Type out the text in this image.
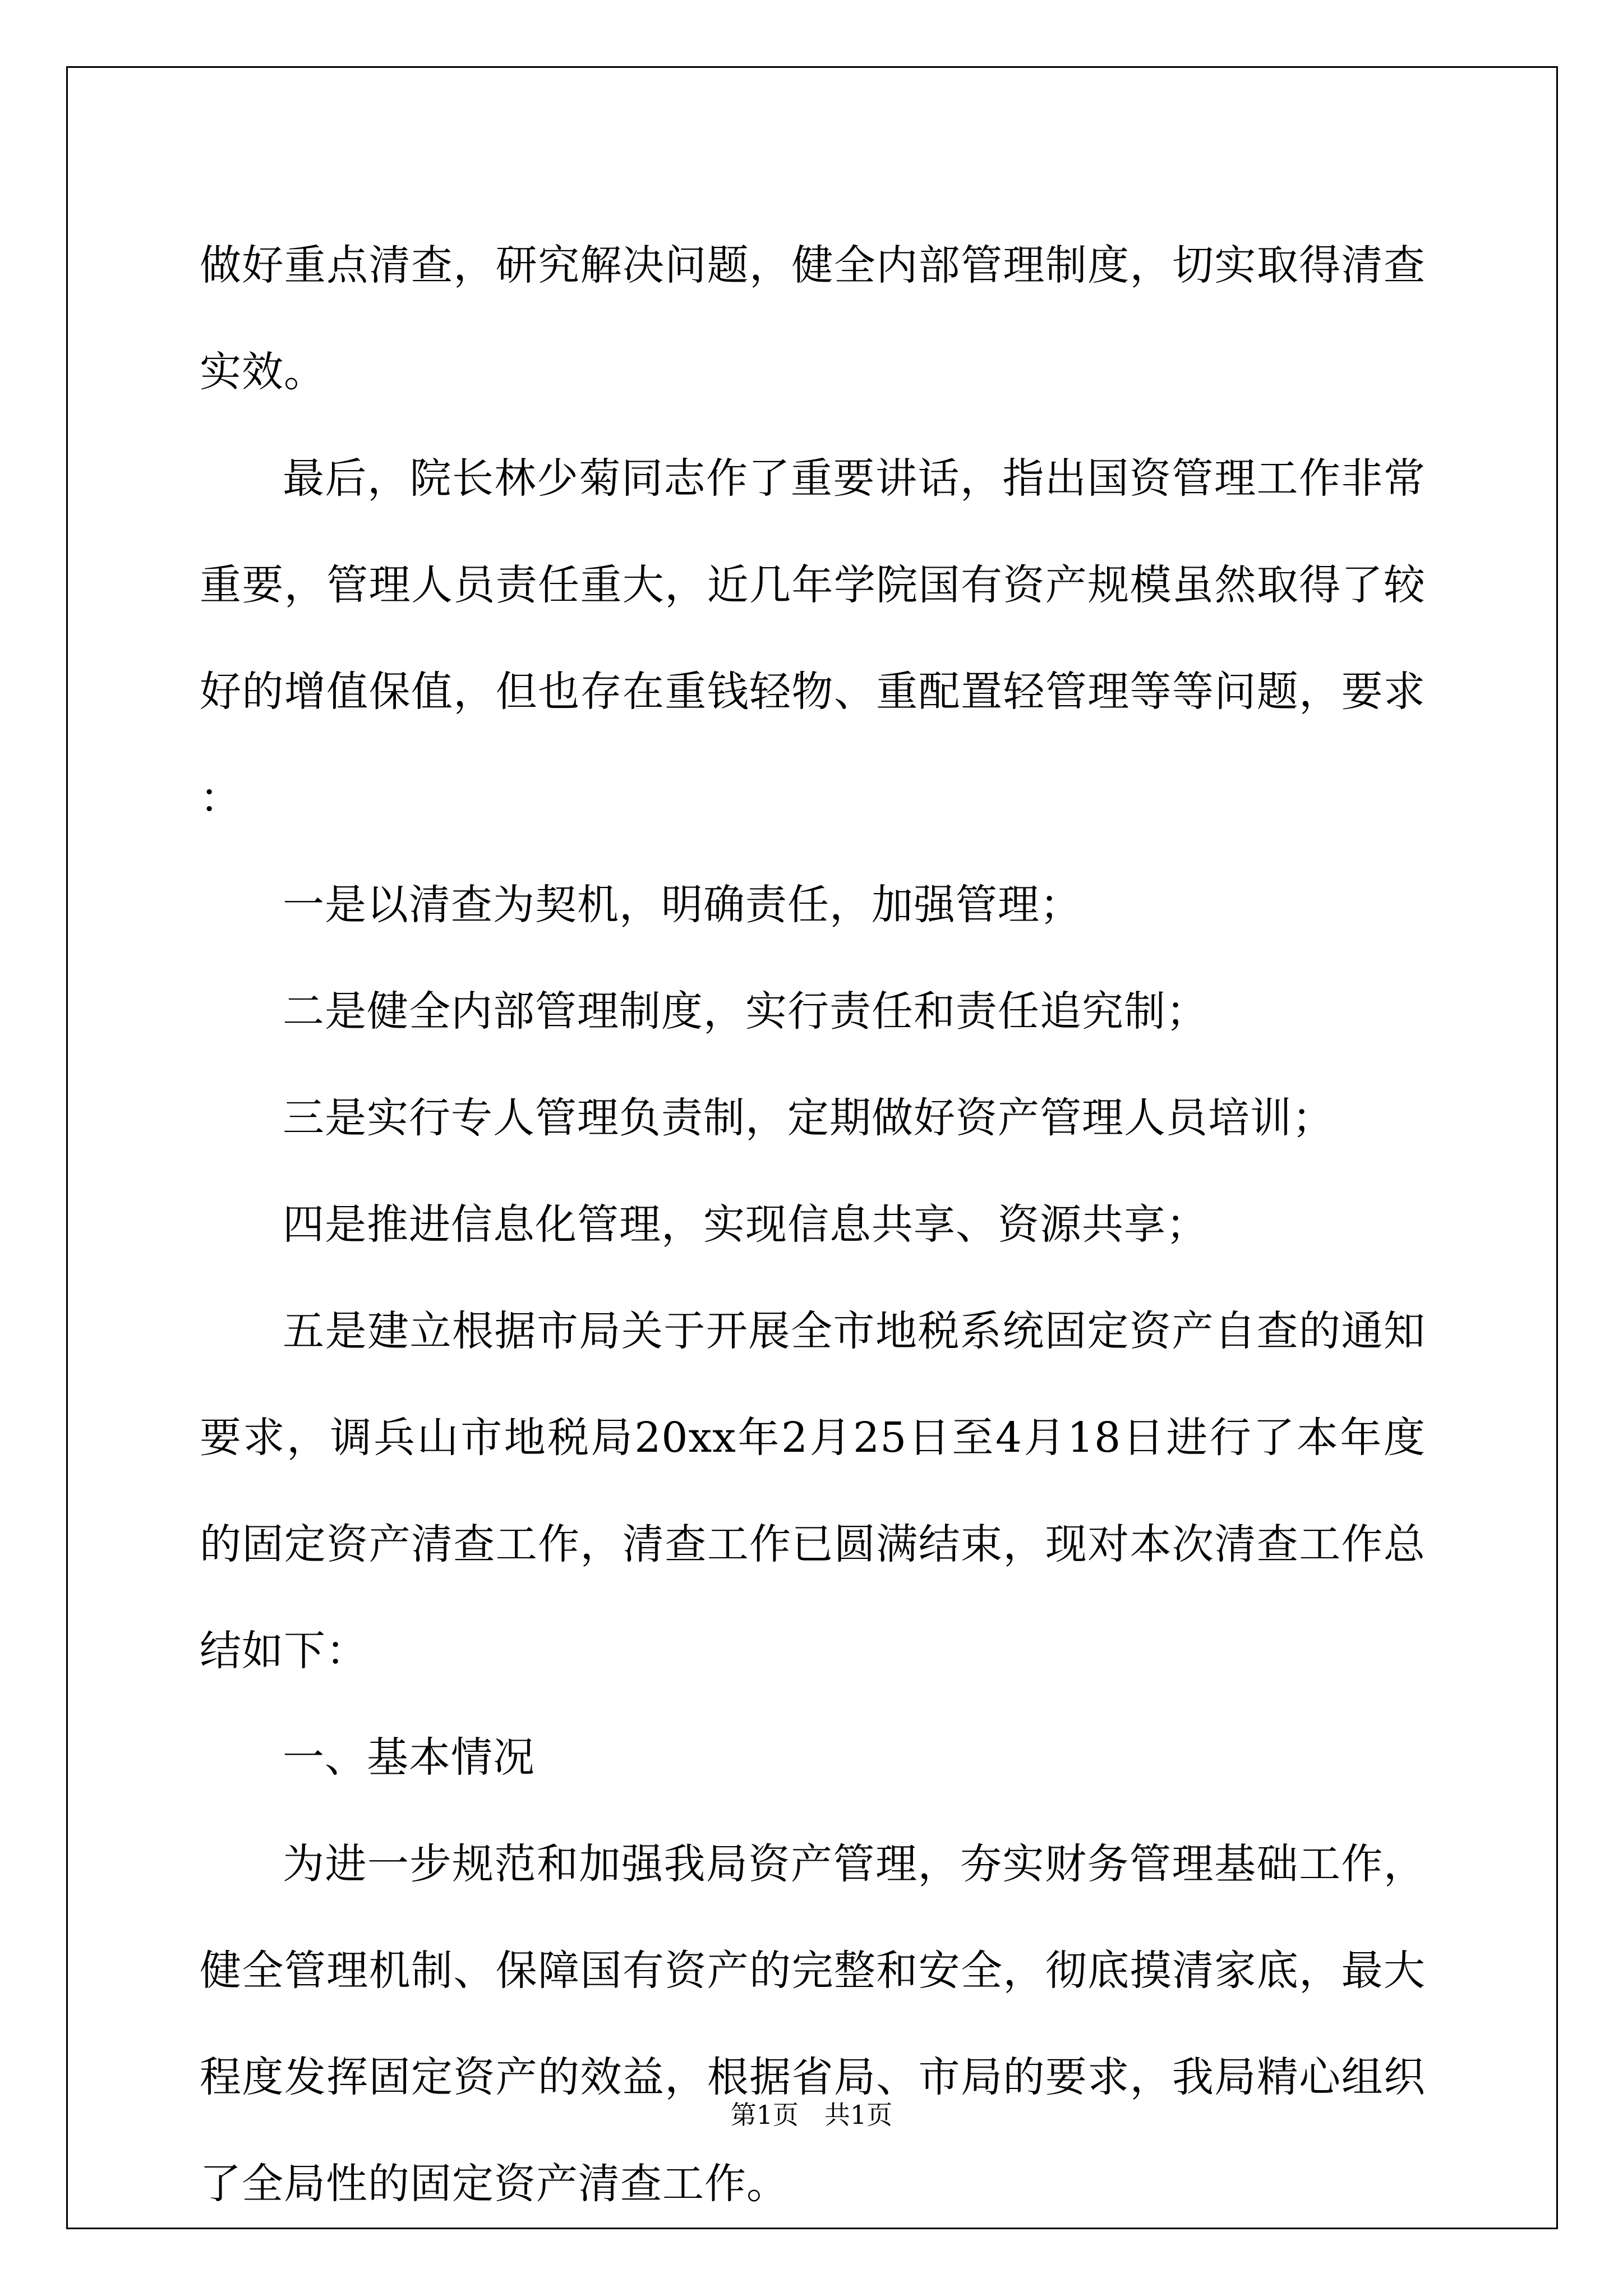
做好重点清查，研究解决问题，健全内部管理制度，切实取得清查实效。

最后，院长林少菊同志作了重要讲话，指出国资管理工作非常重要，管理人员责任重大，近几年学院国有资产规模虽然取得了较好的增值保值，但也存在重钱轻物、重配置轻管理等等问题，要求：

一是以清查为契机，明确责任，加强管理；

二是健全内部管理制度，实行责任和责任追究制；

三是实行专人管理负责制，定期做好资产管理人员培训；

四是推进信息化管理，实现信息共享、资源共享；

五是建立根据市局关于开展全市地税系统固定资产自查的通知要求，调兵山市地税局20xx年2月25日至4月18日进行了本年度的固定资产清查工作，清查工作已圆满结束，现对本次清查工作总结如下：

一、基本情况

为进一步规范和加强我局资产管理，夯实财务管理基础工作，健全管理机制、保障国有资产的完整和安全，彻底摸清家底，最大程度发挥固定资产的效益，根据省局、市局的要求，我局精心组织了全局性的固定资产清查工作。

第1页　共1页
